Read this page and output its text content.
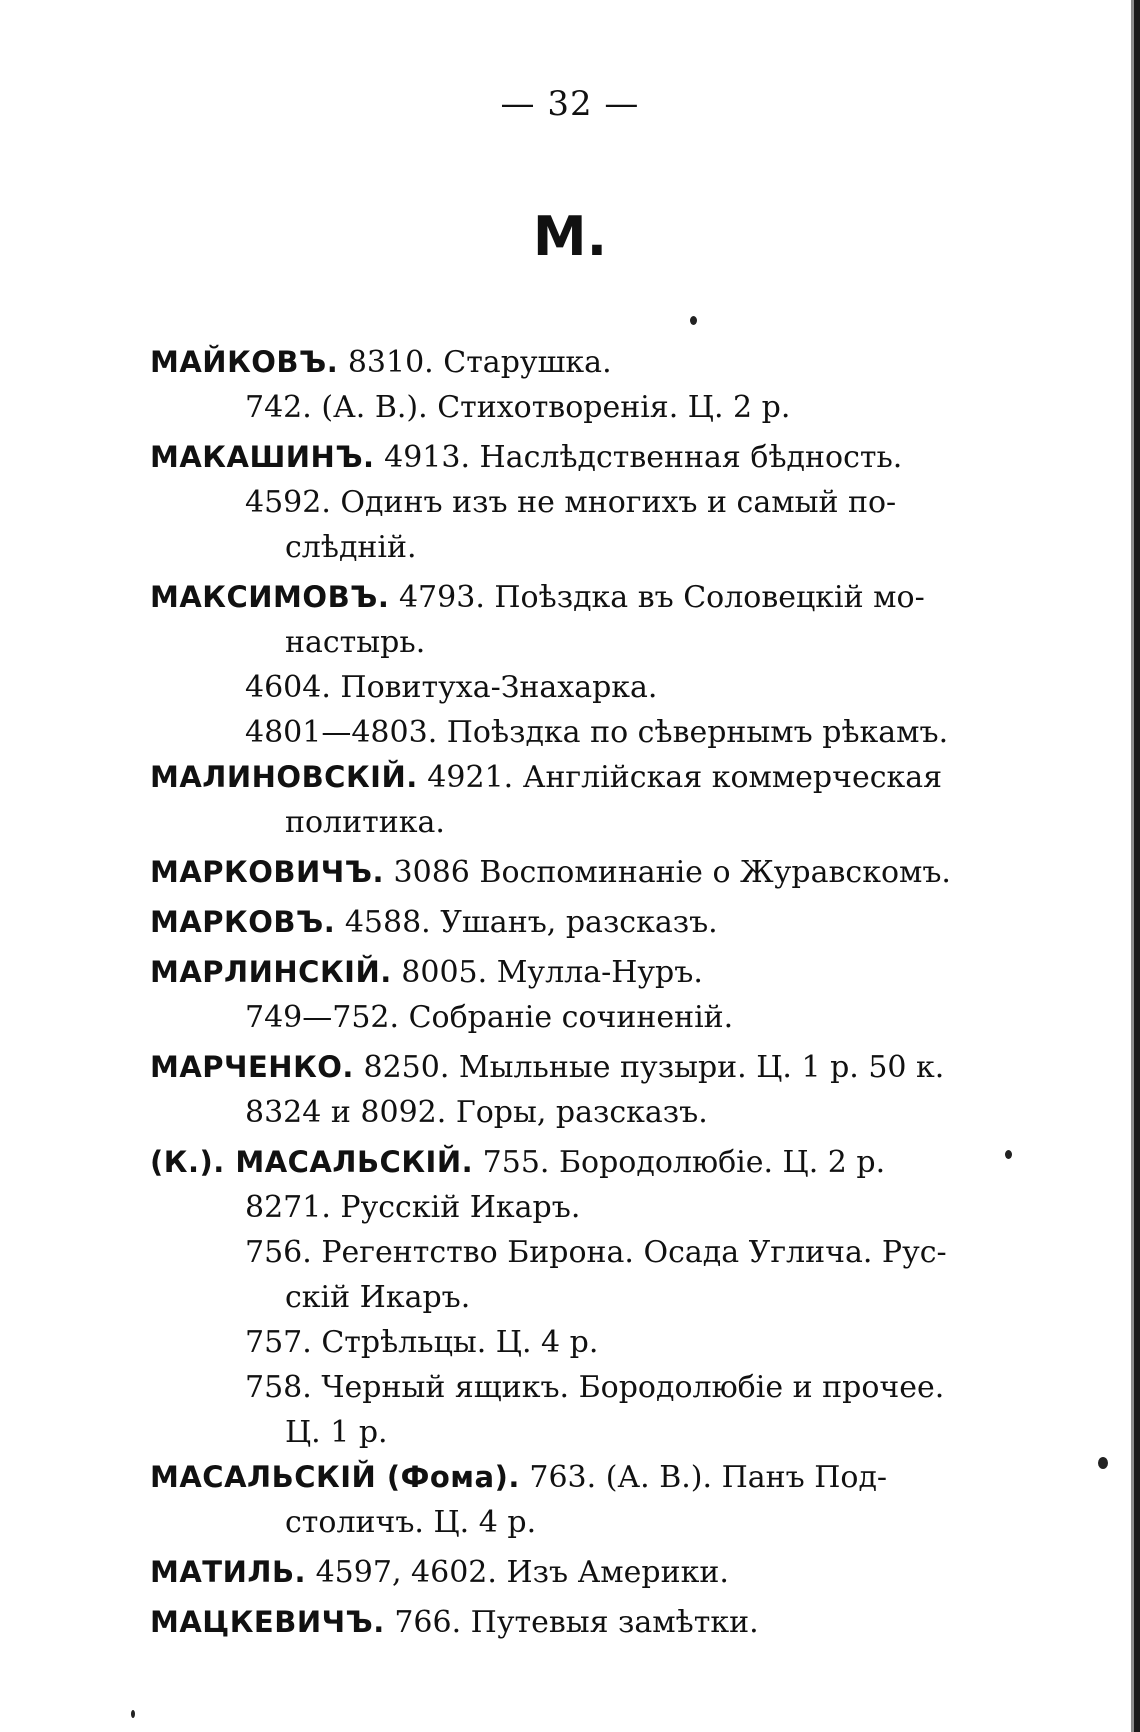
— 32 —
M.
МАЙКОВЪ. 8310. Старушка.
742. (А. В.). Стихотворенія. Ц. 2 р.
МАКАШИНЪ. 4913. Наслѣдственная бѣдность.
4592. Одинъ изъ не многихъ и самый по-
слѣдній.
МАКСИМОВЪ. 4793. Поѣздка въ Соловецкій мо-
настырь.
4604. Повитуха-Знахарка.
4801—4803. Поѣздка по сѣвернымъ рѣкамъ.
МАЛИНОВСКІЙ. 4921. Англійская коммерческая
политика.
МАРКОВИЧЪ. 3086 Воспоминаніе о Журавскомъ.
МАРКОВЪ. 4588. Ушанъ, разсказъ.
МАРЛИНСКІЙ. 8005. Мулла-Нуръ.
749—752. Собраніе сочиненій.
МАРЧЕНКО. 8250. Мыльные пузыри. Ц. 1 р. 50 к.
8324 и 8092. Горы, разсказъ.
(К.). МАСАЛЬСКІЙ. 755. Бородолюбіе. Ц. 2 р.
8271. Русскій Икаръ.
756. Регентство Бирона. Осада Углича. Рус-
скій Икаръ.
757. Стрѣльцы. Ц. 4 р.
758. Черный ящикъ. Бородолюбіе и прочее.
Ц. 1 р.
МАСАЛЬСКІЙ (Фома). 763. (А. В.). Панъ Под-
столичъ. Ц. 4 р.
МАТИЛЬ. 4597, 4602. Изъ Америки.
МАЦКЕВИЧЪ. 766. Путевыя замѣтки.
